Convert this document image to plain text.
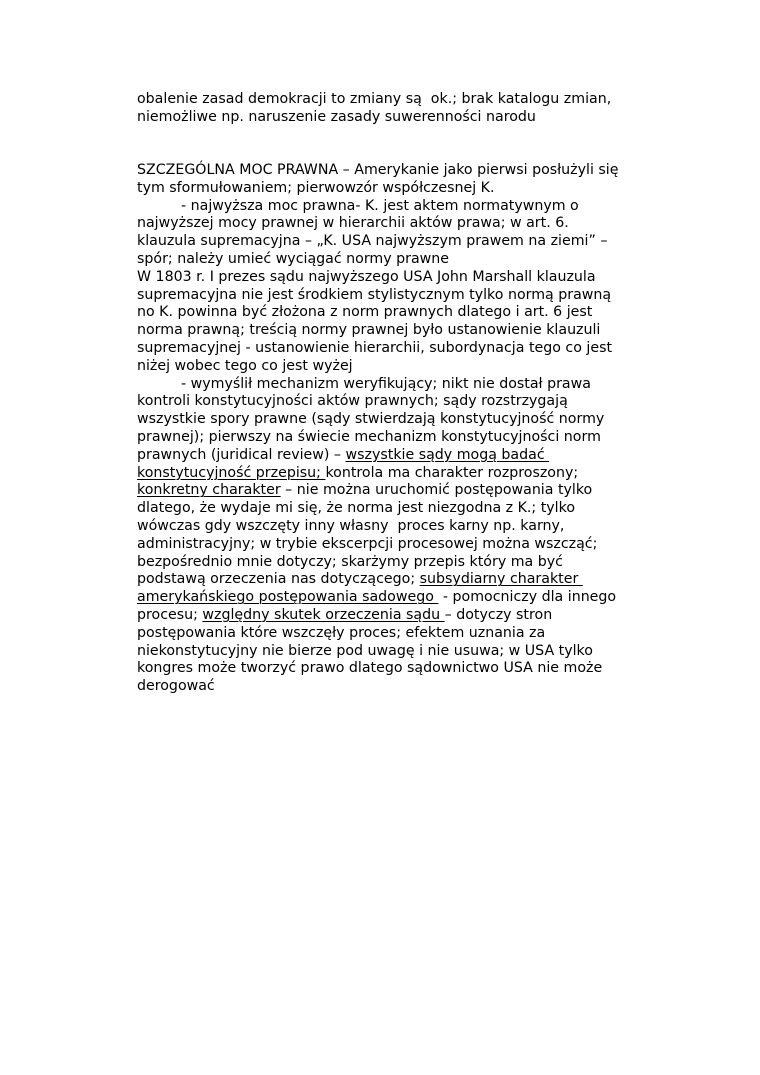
obalenie zasad demokracji to zmiany są  ok.; brak katalogu zmian,
niemożliwe np. naruszenie zasady suwerenności narodu
SZCZEGÓLNA MOC PRAWNA – Amerykanie jako pierwsi posłużyli się
tym sformułowaniem; pierwowzór współczesnej K.
- najwyższa moc prawna- K. jest aktem normatywnym o
najwyższej mocy prawnej w hierarchii aktów prawa; w art. 6.
klauzula supremacyjna – „K. USA najwyższym prawem na ziemi” –
spór; należy umieć wyciągać normy prawne
W 1803 r. I prezes sądu najwyższego USA John Marshall klauzula
supremacyjna nie jest środkiem stylistycznym tylko normą prawną
no K. powinna być złożona z norm prawnych dlatego i art. 6 jest
norma prawną; treścią normy prawnej było ustanowienie klauzuli
supremacyjnej - ustanowienie hierarchii, subordynacja tego co jest
niżej wobec tego co jest wyżej
- wymyślił mechanizm weryfikujący; nikt nie dostał prawa
kontroli konstytucyjności aktów prawnych; sądy rozstrzygają
wszystkie spory prawne (sądy stwierdzają konstytucyjność normy
prawnej); pierwszy na świecie mechanizm konstytucyjności norm
prawnych (juridical review) – wszystkie sądy mogą badać
konstytucyjność przepisu; kontrola ma charakter rozproszony;
konkretny charakter – nie można uruchomić postępowania tylko
dlatego, że wydaje mi się, że norma jest niezgodna z K.; tylko
wówczas gdy wszczęty inny własny  proces karny np. karny,
administracyjny; w trybie ekscerpcji procesowej można wszcząć;
bezpośrednio mnie dotyczy; skarżymy przepis który ma być
podstawą orzeczenia nas dotyczącego; subsydiarny charakter
amerykańskiego postępowania sadowego  - pomocniczy dla innego
procesu; względny skutek orzeczenia sądu – dotyczy stron
postępowania które wszczęły proces; efektem uznania za
niekonstytucyjny nie bierze pod uwagę i nie usuwa; w USA tylko
kongres może tworzyć prawo dlatego sądownictwo USA nie może
derogować
